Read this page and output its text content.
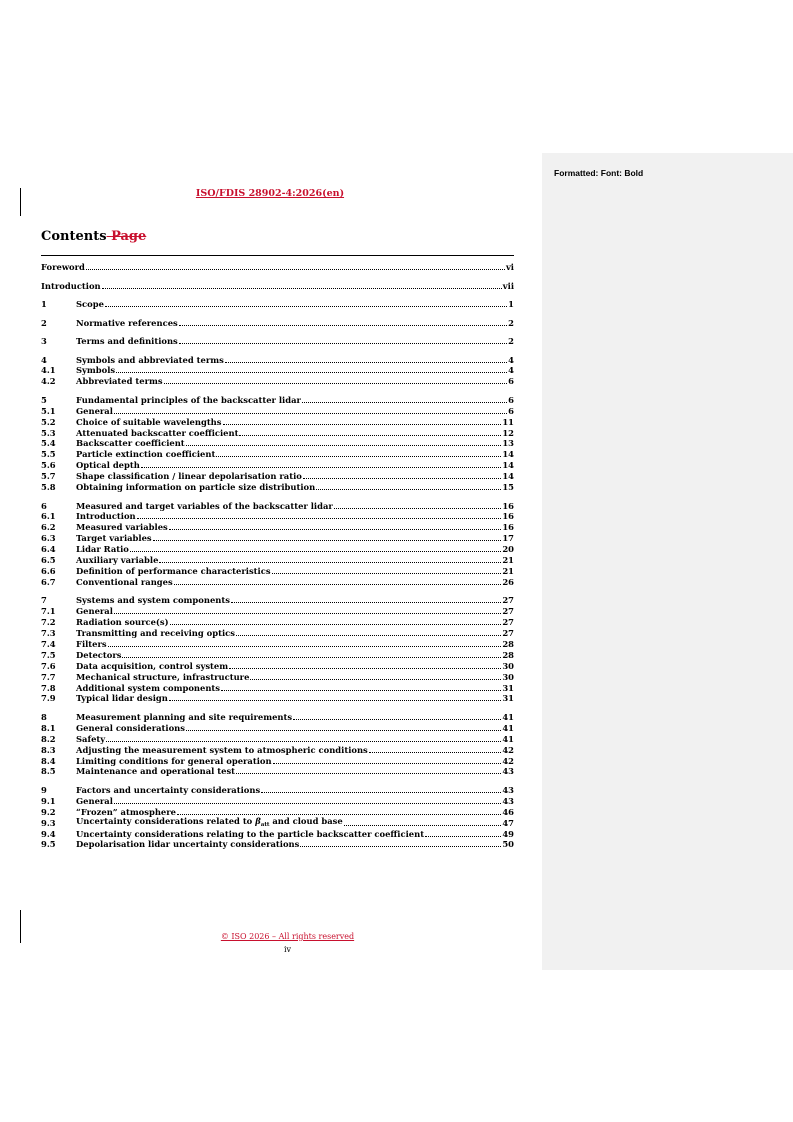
ISO/FDIS 28902-4:2026(en)
Contents Page
Foreword	vi
Introduction	vii
1	Scope	1
2	Normative references	2
3	Terms and definitions	2
4	Symbols and abbreviated terms	4
4.1	Symbols	4
4.2	Abbreviated terms	6
5	Fundamental principles of the backscatter lidar	6
5.1	General	6
5.2	Choice of suitable wavelengths	11
5.3	Attenuated backscatter coefficient	12
5.4	Backscatter coefficient	13
5.5	Particle extinction coefficient	14
5.6	Optical depth	14
5.7	Shape classification / linear depolarisation ratio	14
5.8	Obtaining information on particle size distribution	15
6	Measured and target variables of the backscatter lidar	16
6.1	Introduction	16
6.2	Measured variables	16
6.3	Target variables	17
6.4	Lidar Ratio	20
6.5	Auxiliary variable	21
6.6	Definition of performance characteristics	21
6.7	Conventional ranges	26
7	Systems and system components	27
7.1	General	27
7.2	Radiation source(s)	27
7.3	Transmitting and receiving optics	27
7.4	Filters	28
7.5	Detectors	28
7.6	Data acquisition, control system	30
7.7	Mechanical structure, infrastructure	30
7.8	Additional system components	31
7.9	Typical lidar design	31
8	Measurement planning and site requirements	41
8.1	General considerations	41
8.2	Safety	41
8.3	Adjusting the measurement system to atmospheric conditions	42
8.4	Limiting conditions for general operation	42
8.5	Maintenance and operational test	43
9	Factors and uncertainty considerations	43
9.1	General	43
9.2	“Frozen” atmosphere	46
9.3	Uncertainty considerations related to $\beta_{att}$ and cloud base	47
9.4	Uncertainty considerations relating to the particle backscatter coefficient	49
9.5	Depolarisation lidar uncertainty considerations	50
© ISO 2026 – All rights reserved
iv
Formatted: Font: Bold
